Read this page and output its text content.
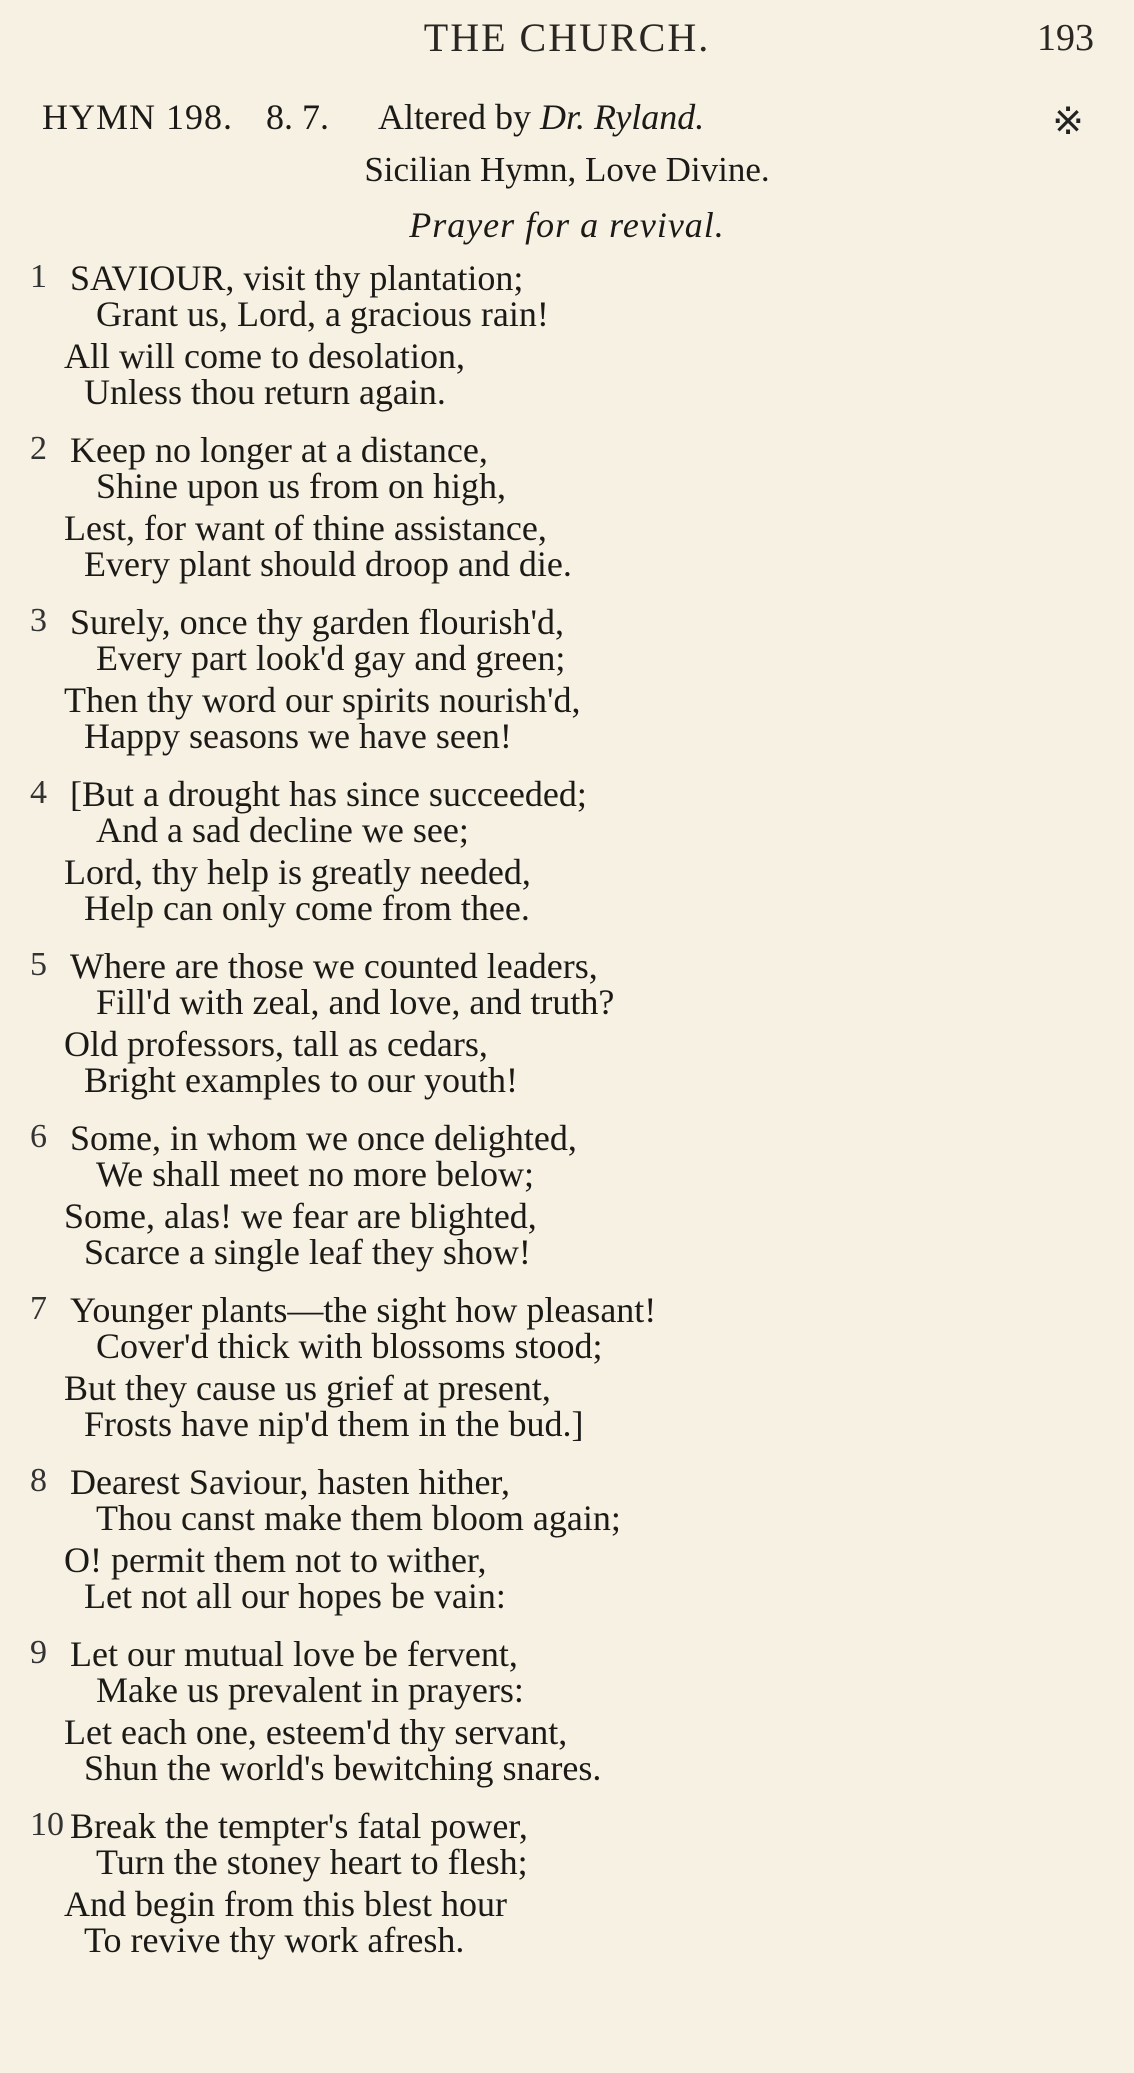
THE CHURCH.	193
HYMN 198. 8. 7. Altered by Dr. Ryland.	※
Sicilian Hymn, Love Divine.
Prayer for a revival.
1 SAVIOUR, visit thy plantation;
Grant us, Lord, a gracious rain!
All will come to desolation,
Unless thou return again.
2 Keep no longer at a distance,
Shine upon us from on high,
Lest, for want of thine assistance,
Every plant should droop and die.
3 Surely, once thy garden flourish'd,
Every part look'd gay and green;
Then thy word our spirits nourish'd,
Happy seasons we have seen!
4 [But a drought has since succeeded;
And a sad decline we see;
Lord, thy help is greatly needed,
Help can only come from thee.
5 Where are those we counted leaders,
Fill'd with zeal, and love, and truth?
Old professors, tall as cedars,
Bright examples to our youth!
6 Some, in whom we once delighted,
We shall meet no more below;
Some, alas! we fear are blighted,
Scarce a single leaf they show!
7 Younger plants—the sight how pleasant!
Cover'd thick with blossoms stood;
But they cause us grief at present,
Frosts have nip'd them in the bud.]
8 Dearest Saviour, hasten hither,
Thou canst make them bloom again;
O! permit them not to wither,
Let not all our hopes be vain:
9 Let our mutual love be fervent,
Make us prevalent in prayers:
Let each one, esteem'd thy servant,
Shun the world's bewitching snares.
10 Break the tempter's fatal power,
Turn the stoney heart to flesh;
And begin from this blest hour
To revive thy work afresh.
